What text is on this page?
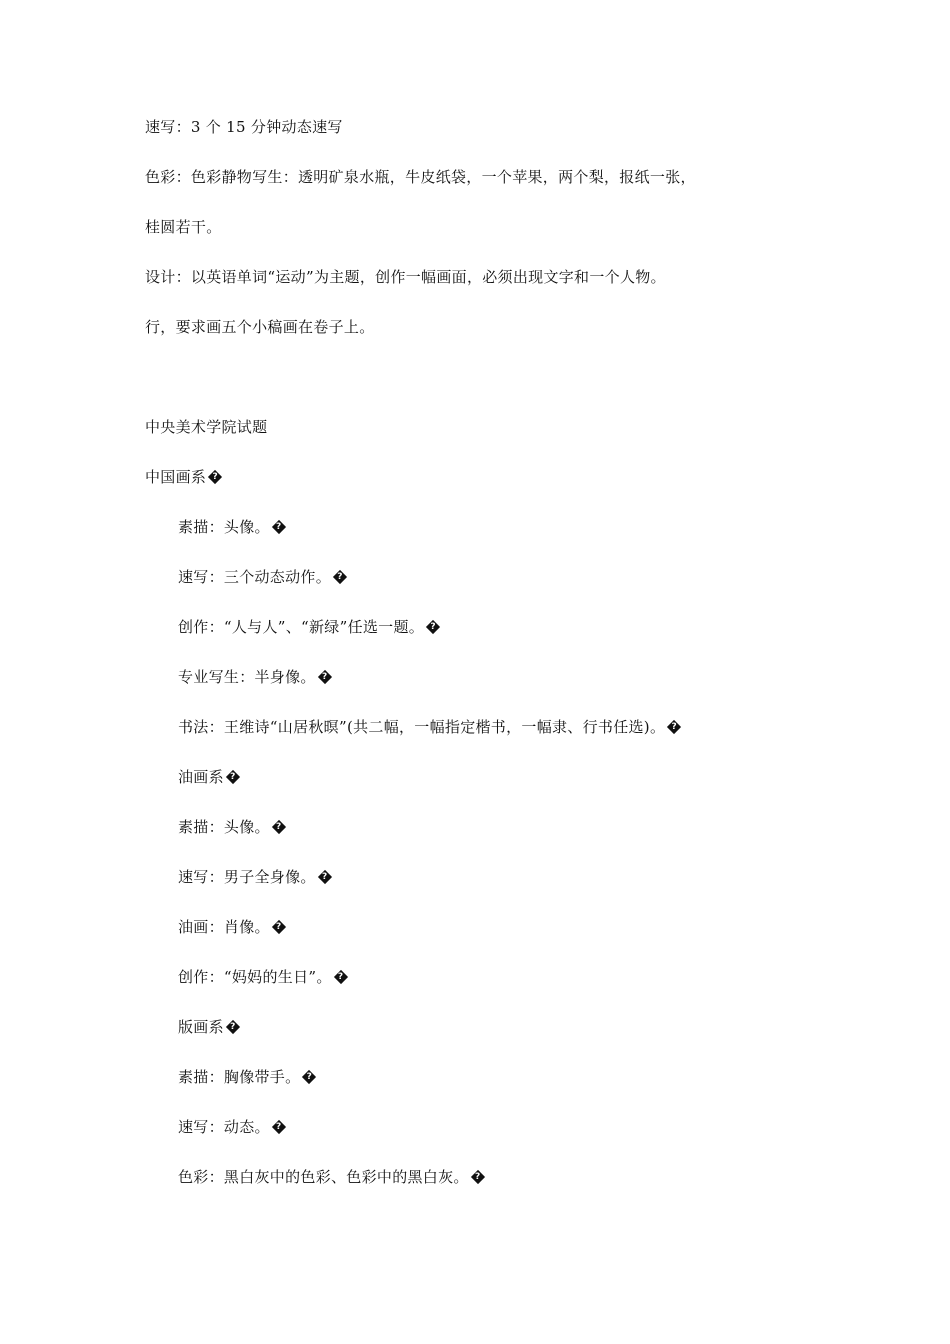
速写：3 个 15 分钟动态速写
色彩：色彩静物写生：透明矿泉水瓶，牛皮纸袋，一个苹果，两个梨，报纸一张，
桂圆若干。
设计：以英语单词“运动”为主题，创作一幅画面，必须出现文字和一个人物。
行，要求画五个小稿画在卷子上。
中央美术学院试题
中国画系?
素描：头像。?
速写：三个动态动作。?
创作：“人与人”、“新绿”任选一题。?
专业写生：半身像。?
书法：王维诗“山居秋暝”(共二幅，一幅指定楷书，一幅隶、行书任选)。?
油画系?
素描：头像。?
速写：男子全身像。?
油画：肖像。?
创作：“妈妈的生日”。?
版画系?
素描：胸像带手。?
速写：动态。?
色彩：黑白灰中的色彩、色彩中的黑白灰。?
